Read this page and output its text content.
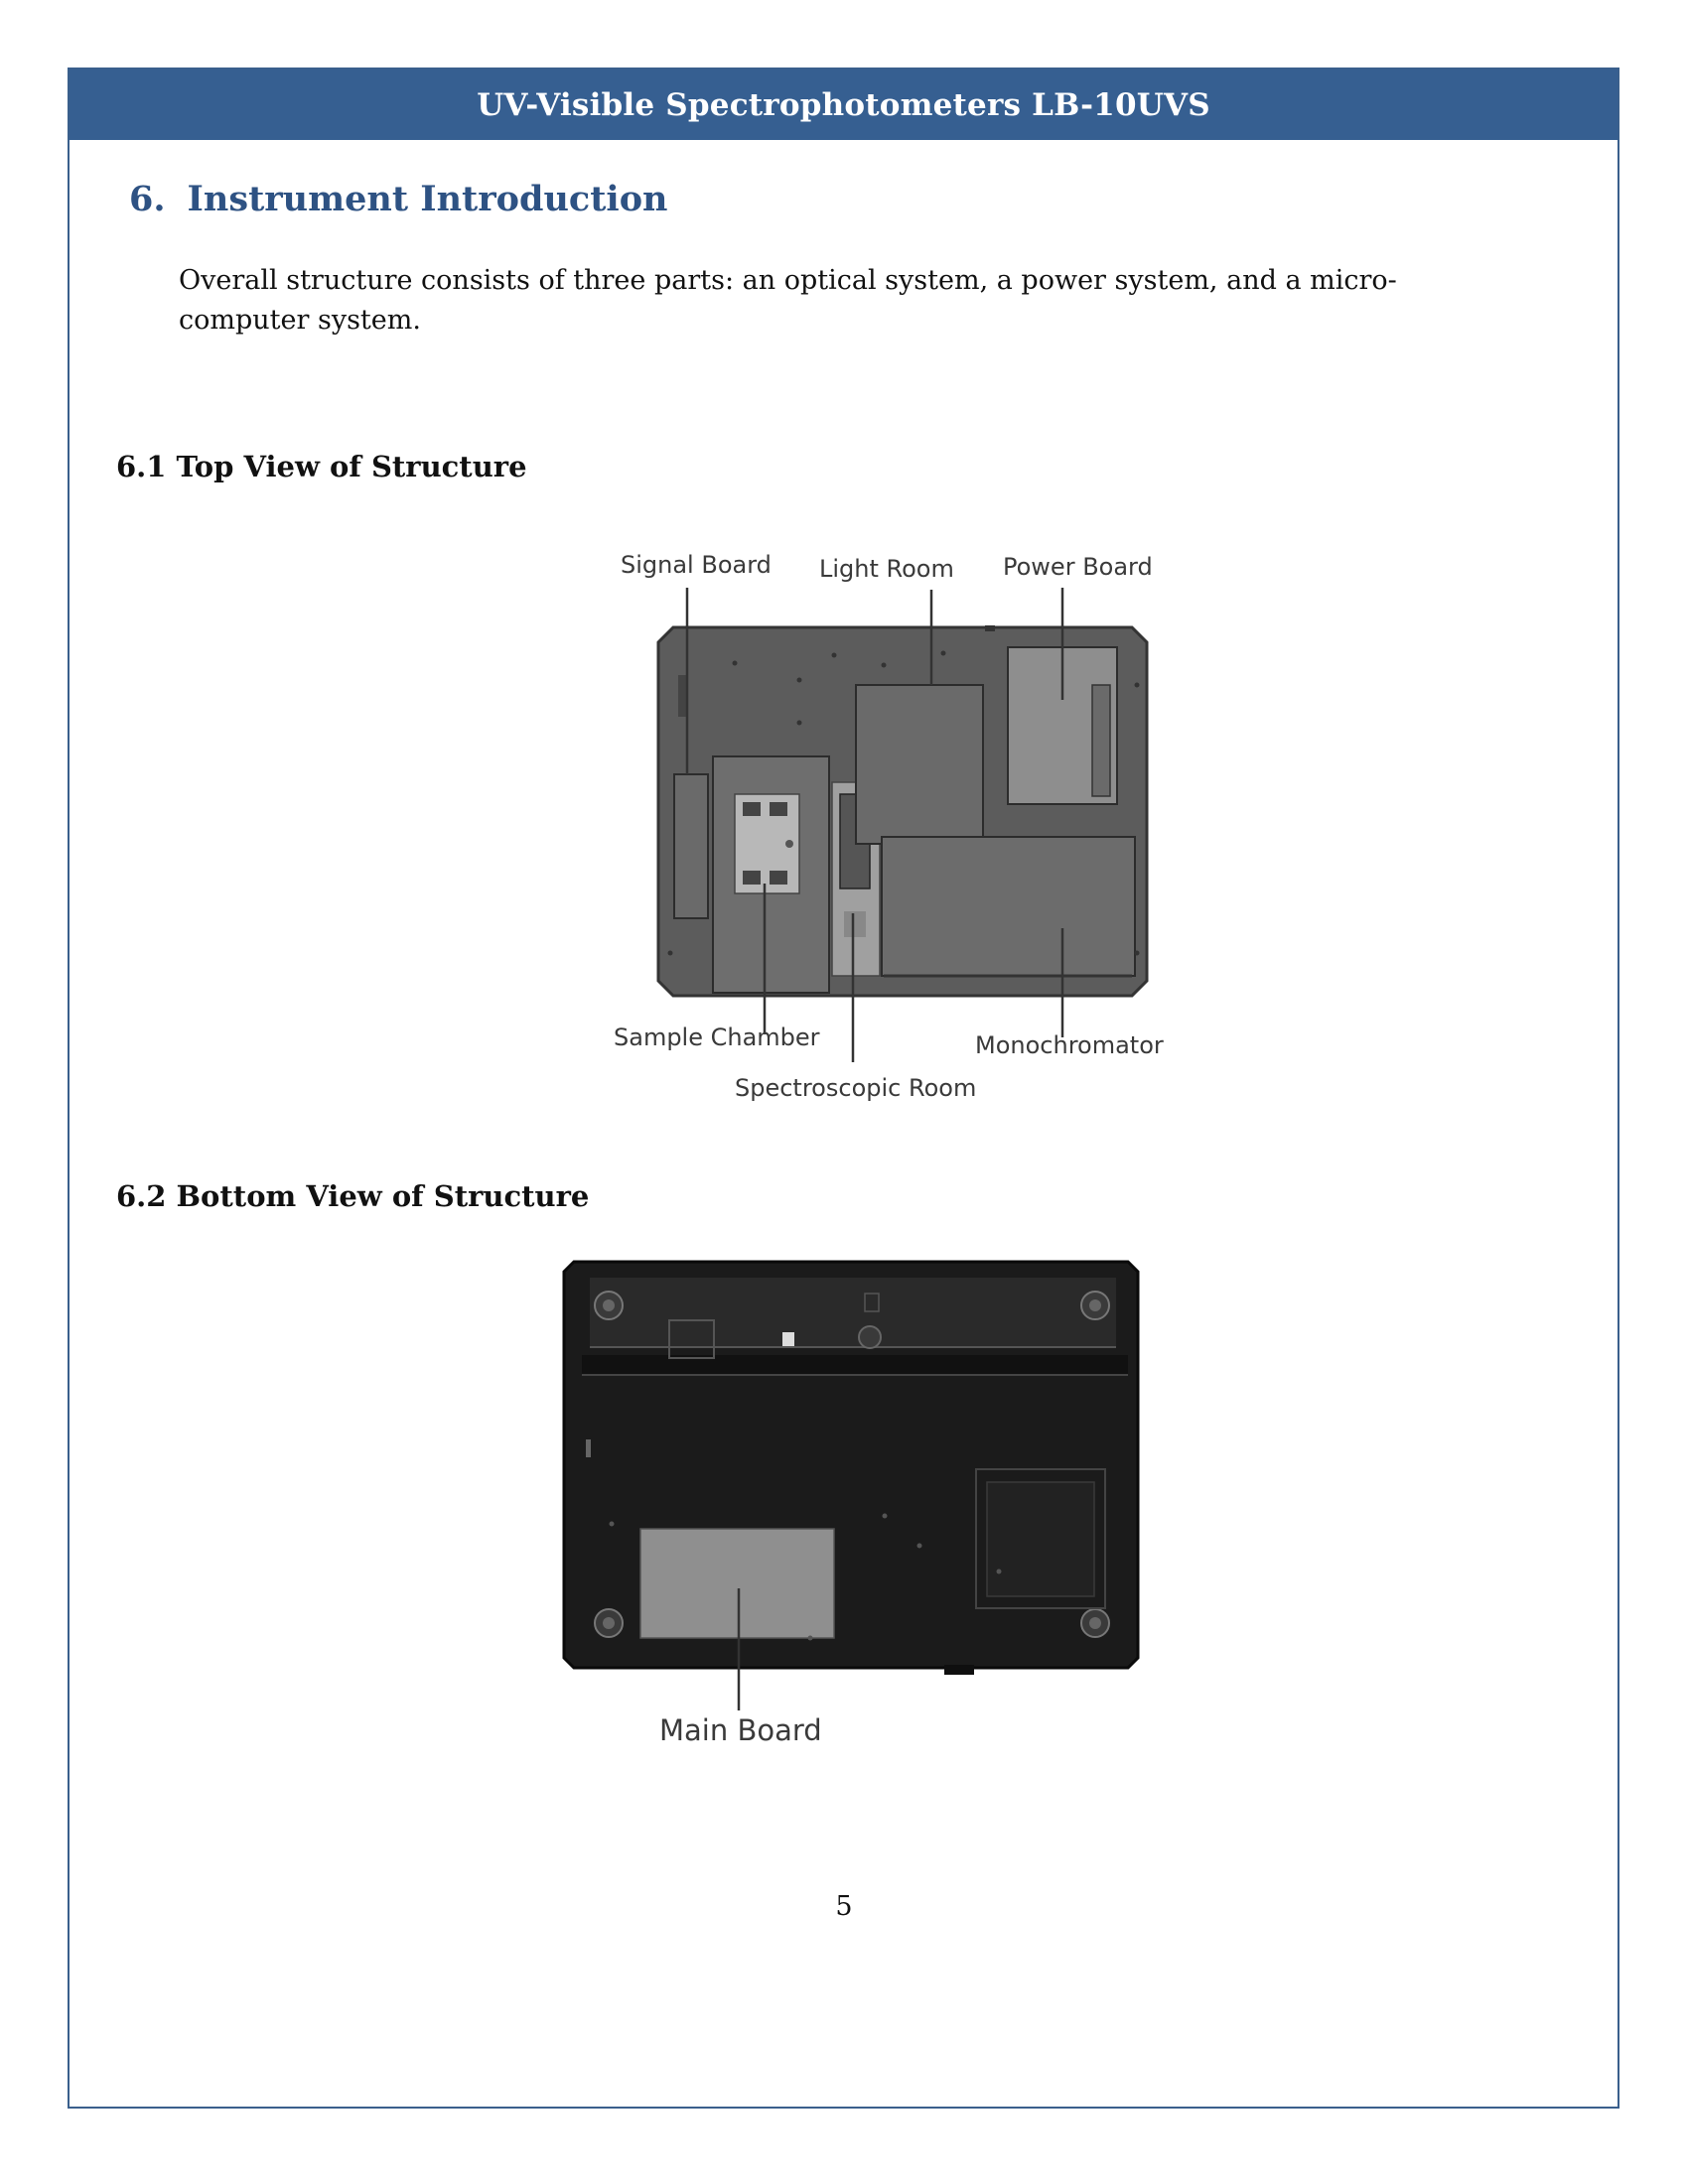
UV-Visible Spectrophotometers LB-10UVS
6. Instrument Introduction
Overall structure consists of three parts: an optical system, a power system, and a micro-
computer system.
6.1 Top View of Structure
Signal Board Light Room Power Board
Sample Chamber	Monochromator
Spectroscopic Room
6.2 Bottom View of Structure
Main Board
5
